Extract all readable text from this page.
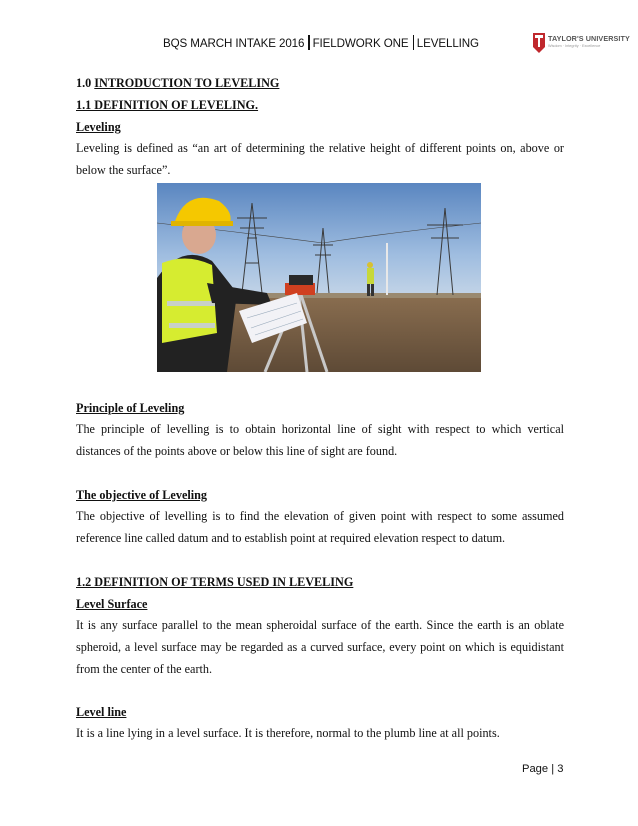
BQS MARCH INTAKE 2016 FIELDWORK ONE LEVELLING	TAYLOR'S UNIVERSITY
Wisdom · Integrity · Excellence
1.0 INTRODUCTION TO LEVELING
1.1 DEFINITION OF LEVELING.
Leveling
Leveling is defined as “an art of determining the relative height of different points on, above or below the surface”.
Principle of Leveling
The principle of levelling is to obtain horizontal line of sight with respect to which vertical distances of the points above or below this line of sight are found.
The objective of Leveling
The objective of levelling is to find the elevation of given point with respect to some assumed reference line called datum and to establish point at required elevation respect to datum.
1.2 DEFINITION OF TERMS USED IN LEVELING
Level Surface
It is any surface parallel to the mean spheroidal surface of the earth. Since the earth is an oblate spheroid, a level surface may be regarded as a curved surface, every point on which is equidistant from the center of the earth.
Level line
It is a line lying in a level surface. It is therefore, normal to the plumb line at all points.
Page | 3
